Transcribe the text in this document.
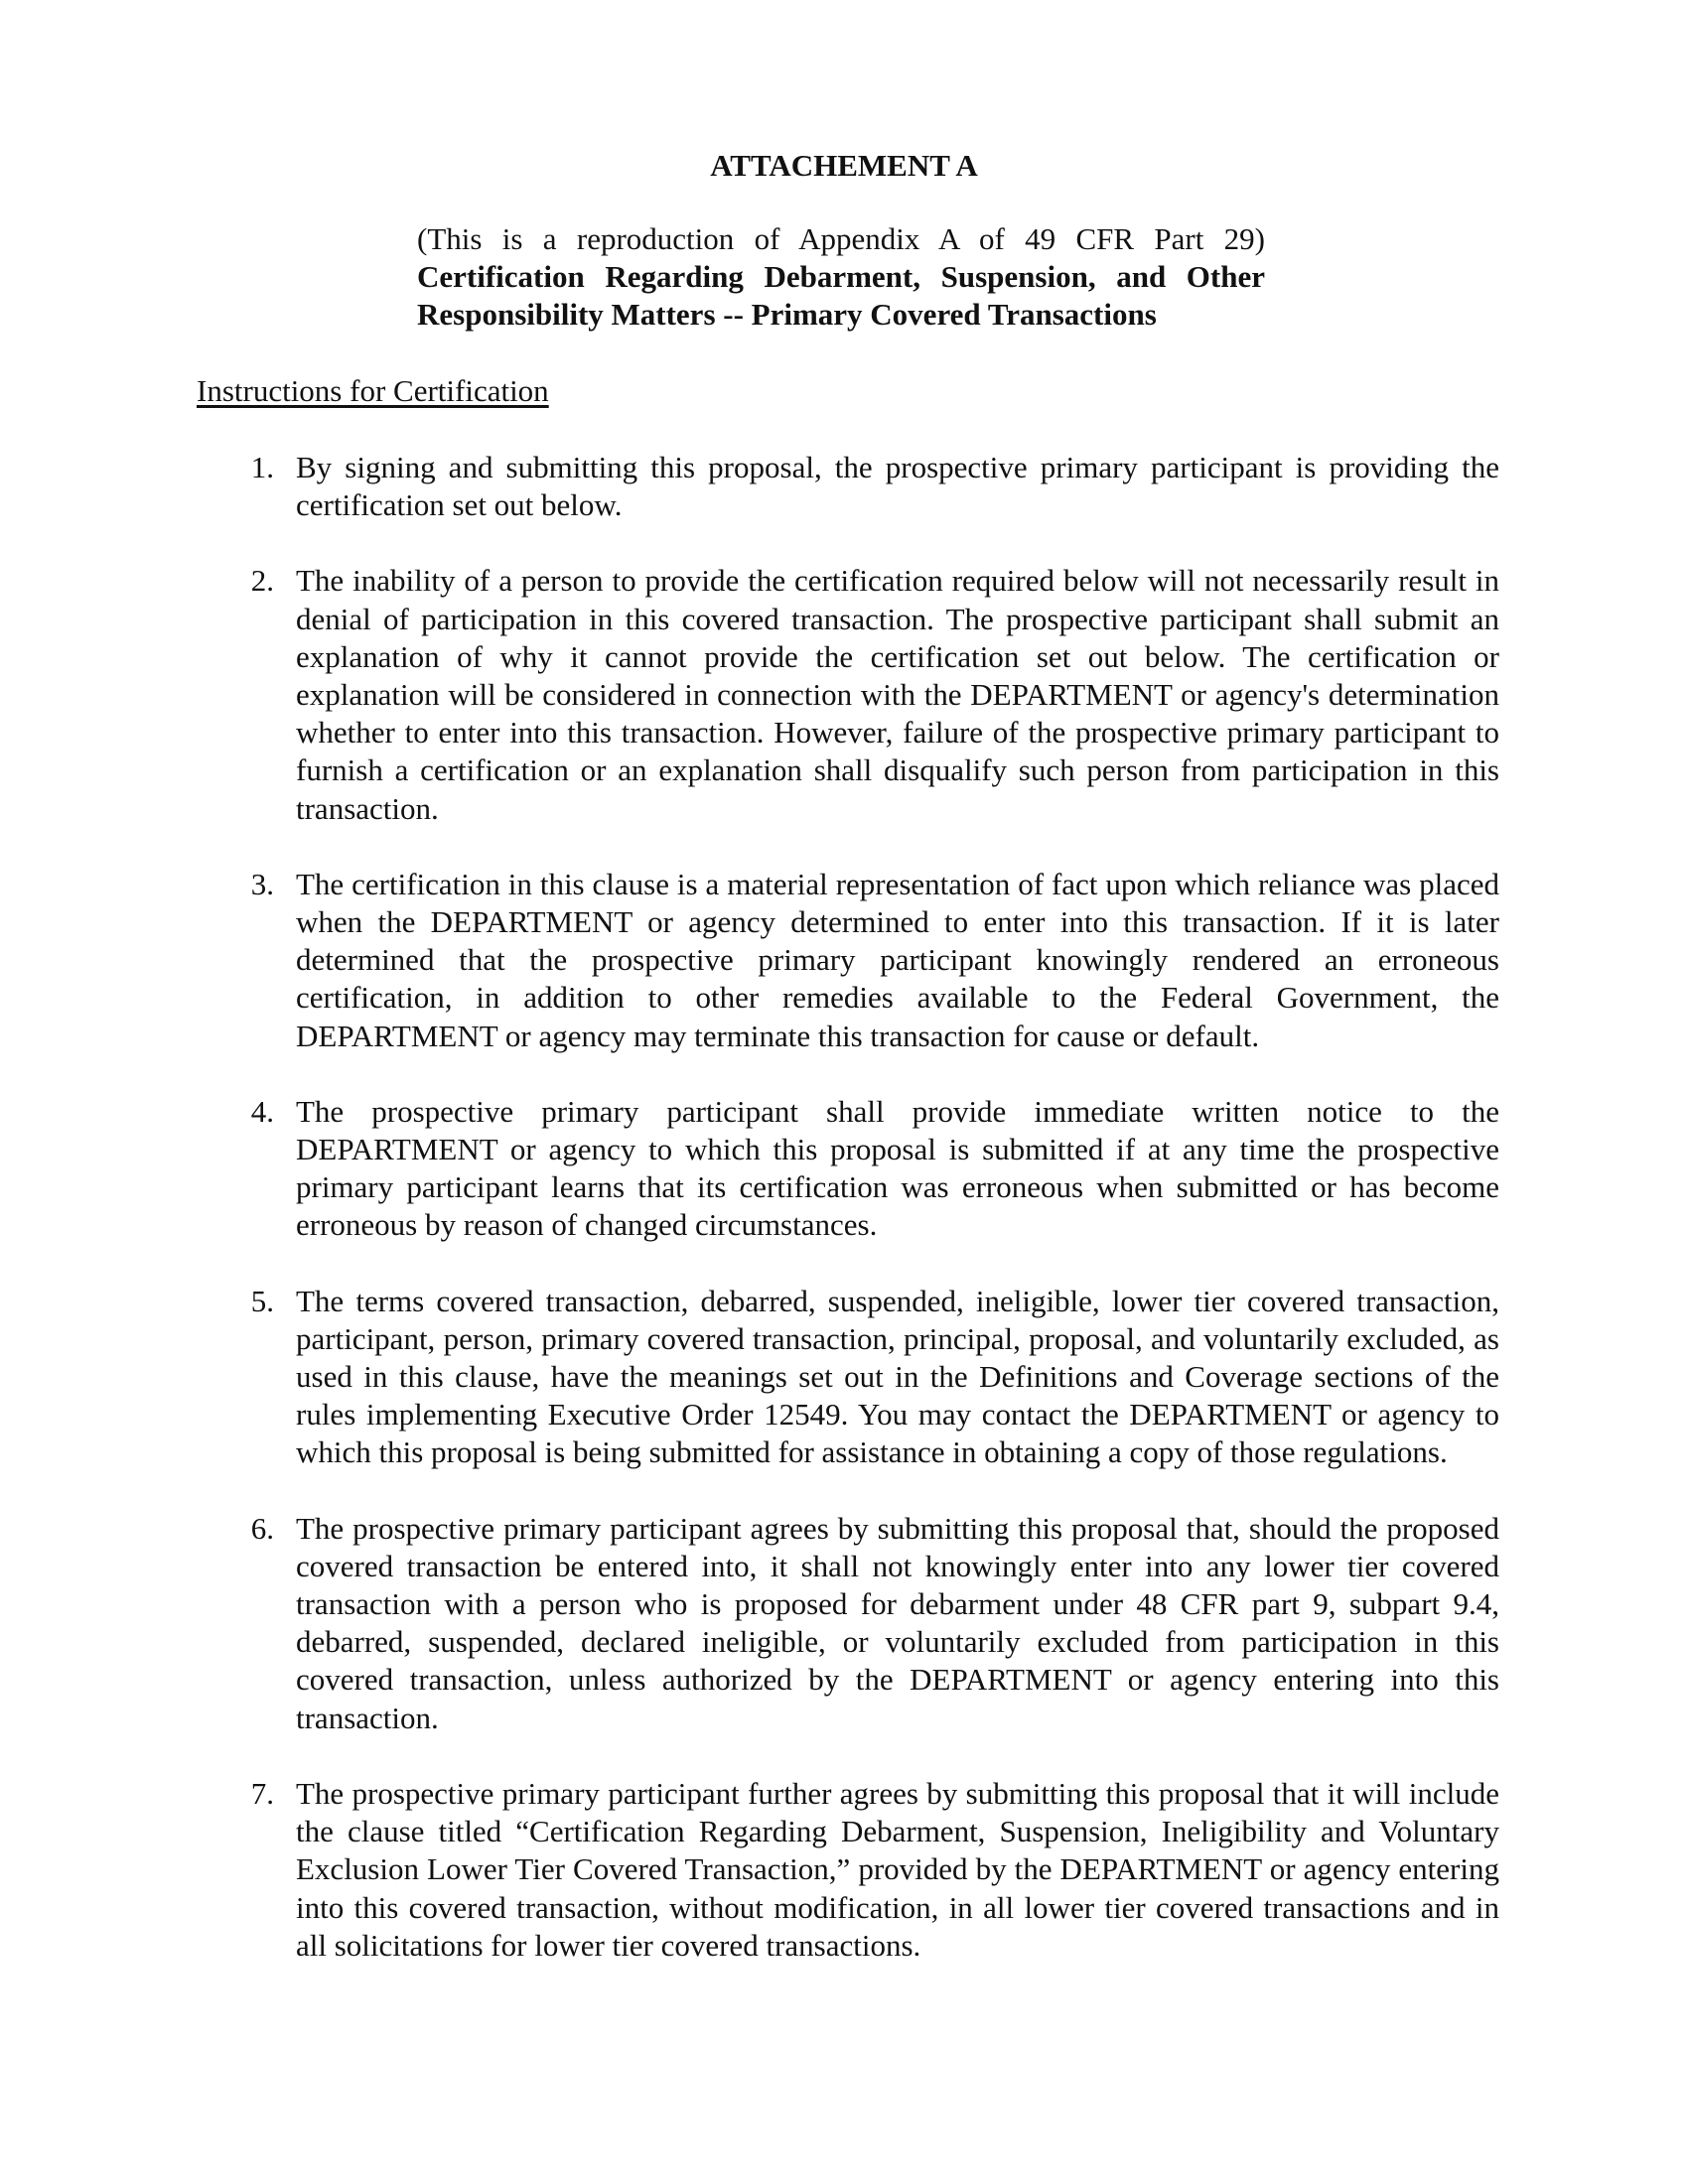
ATTACHEMENT A
(This is a reproduction of Appendix A of 49 CFR Part 29)
Certification Regarding Debarment, Suspension, and Other
Responsibility Matters -- Primary Covered Transactions
Instructions for Certification
1. By signing and submitting this proposal, the prospective primary participant is providing the certification set out below.
2. The inability of a person to provide the certification required below will not necessarily result in denial of participation in this covered transaction. The prospective participant shall submit an explanation of why it cannot provide the certification set out below. The certification or explanation will be considered in connection with the DEPARTMENT or agency's determination whether to enter into this transaction. However, failure of the prospective primary participant to furnish a certification or an explanation shall disqualify such person from participation in this transaction.
3. The certification in this clause is a material representation of fact upon which reliance was placed when the DEPARTMENT or agency determined to enter into this transaction. If it is later determined that the prospective primary participant knowingly rendered an erroneous certification, in addition to other remedies available to the Federal Government, the DEPARTMENT or agency may terminate this transaction for cause or default.
4. The prospective primary participant shall provide immediate written notice to the DEPARTMENT or agency to which this proposal is submitted if at any time the prospective primary participant learns that its certification was erroneous when submitted or has become erroneous by reason of changed circumstances.
5. The terms covered transaction, debarred, suspended, ineligible, lower tier covered transaction, participant, person, primary covered transaction, principal, proposal, and voluntarily excluded, as used in this clause, have the meanings set out in the Definitions and Coverage sections of the rules implementing Executive Order 12549. You may contact the DEPARTMENT or agency to which this proposal is being submitted for assistance in obtaining a copy of those regulations.
6. The prospective primary participant agrees by submitting this proposal that, should the proposed covered transaction be entered into, it shall not knowingly enter into any lower tier covered transaction with a person who is proposed for debarment under 48 CFR part 9, subpart 9.4, debarred, suspended, declared ineligible, or voluntarily excluded from participation in this covered transaction, unless authorized by the DEPARTMENT or agency entering into this transaction.
7. The prospective primary participant further agrees by submitting this proposal that it will include the clause titled “Certification Regarding Debarment, Suspension, Ineligibility and Voluntary Exclusion Lower Tier Covered Transaction,” provided by the DEPARTMENT or agency entering into this covered transaction, without modification, in all lower tier covered transactions and in all solicitations for lower tier covered transactions.
